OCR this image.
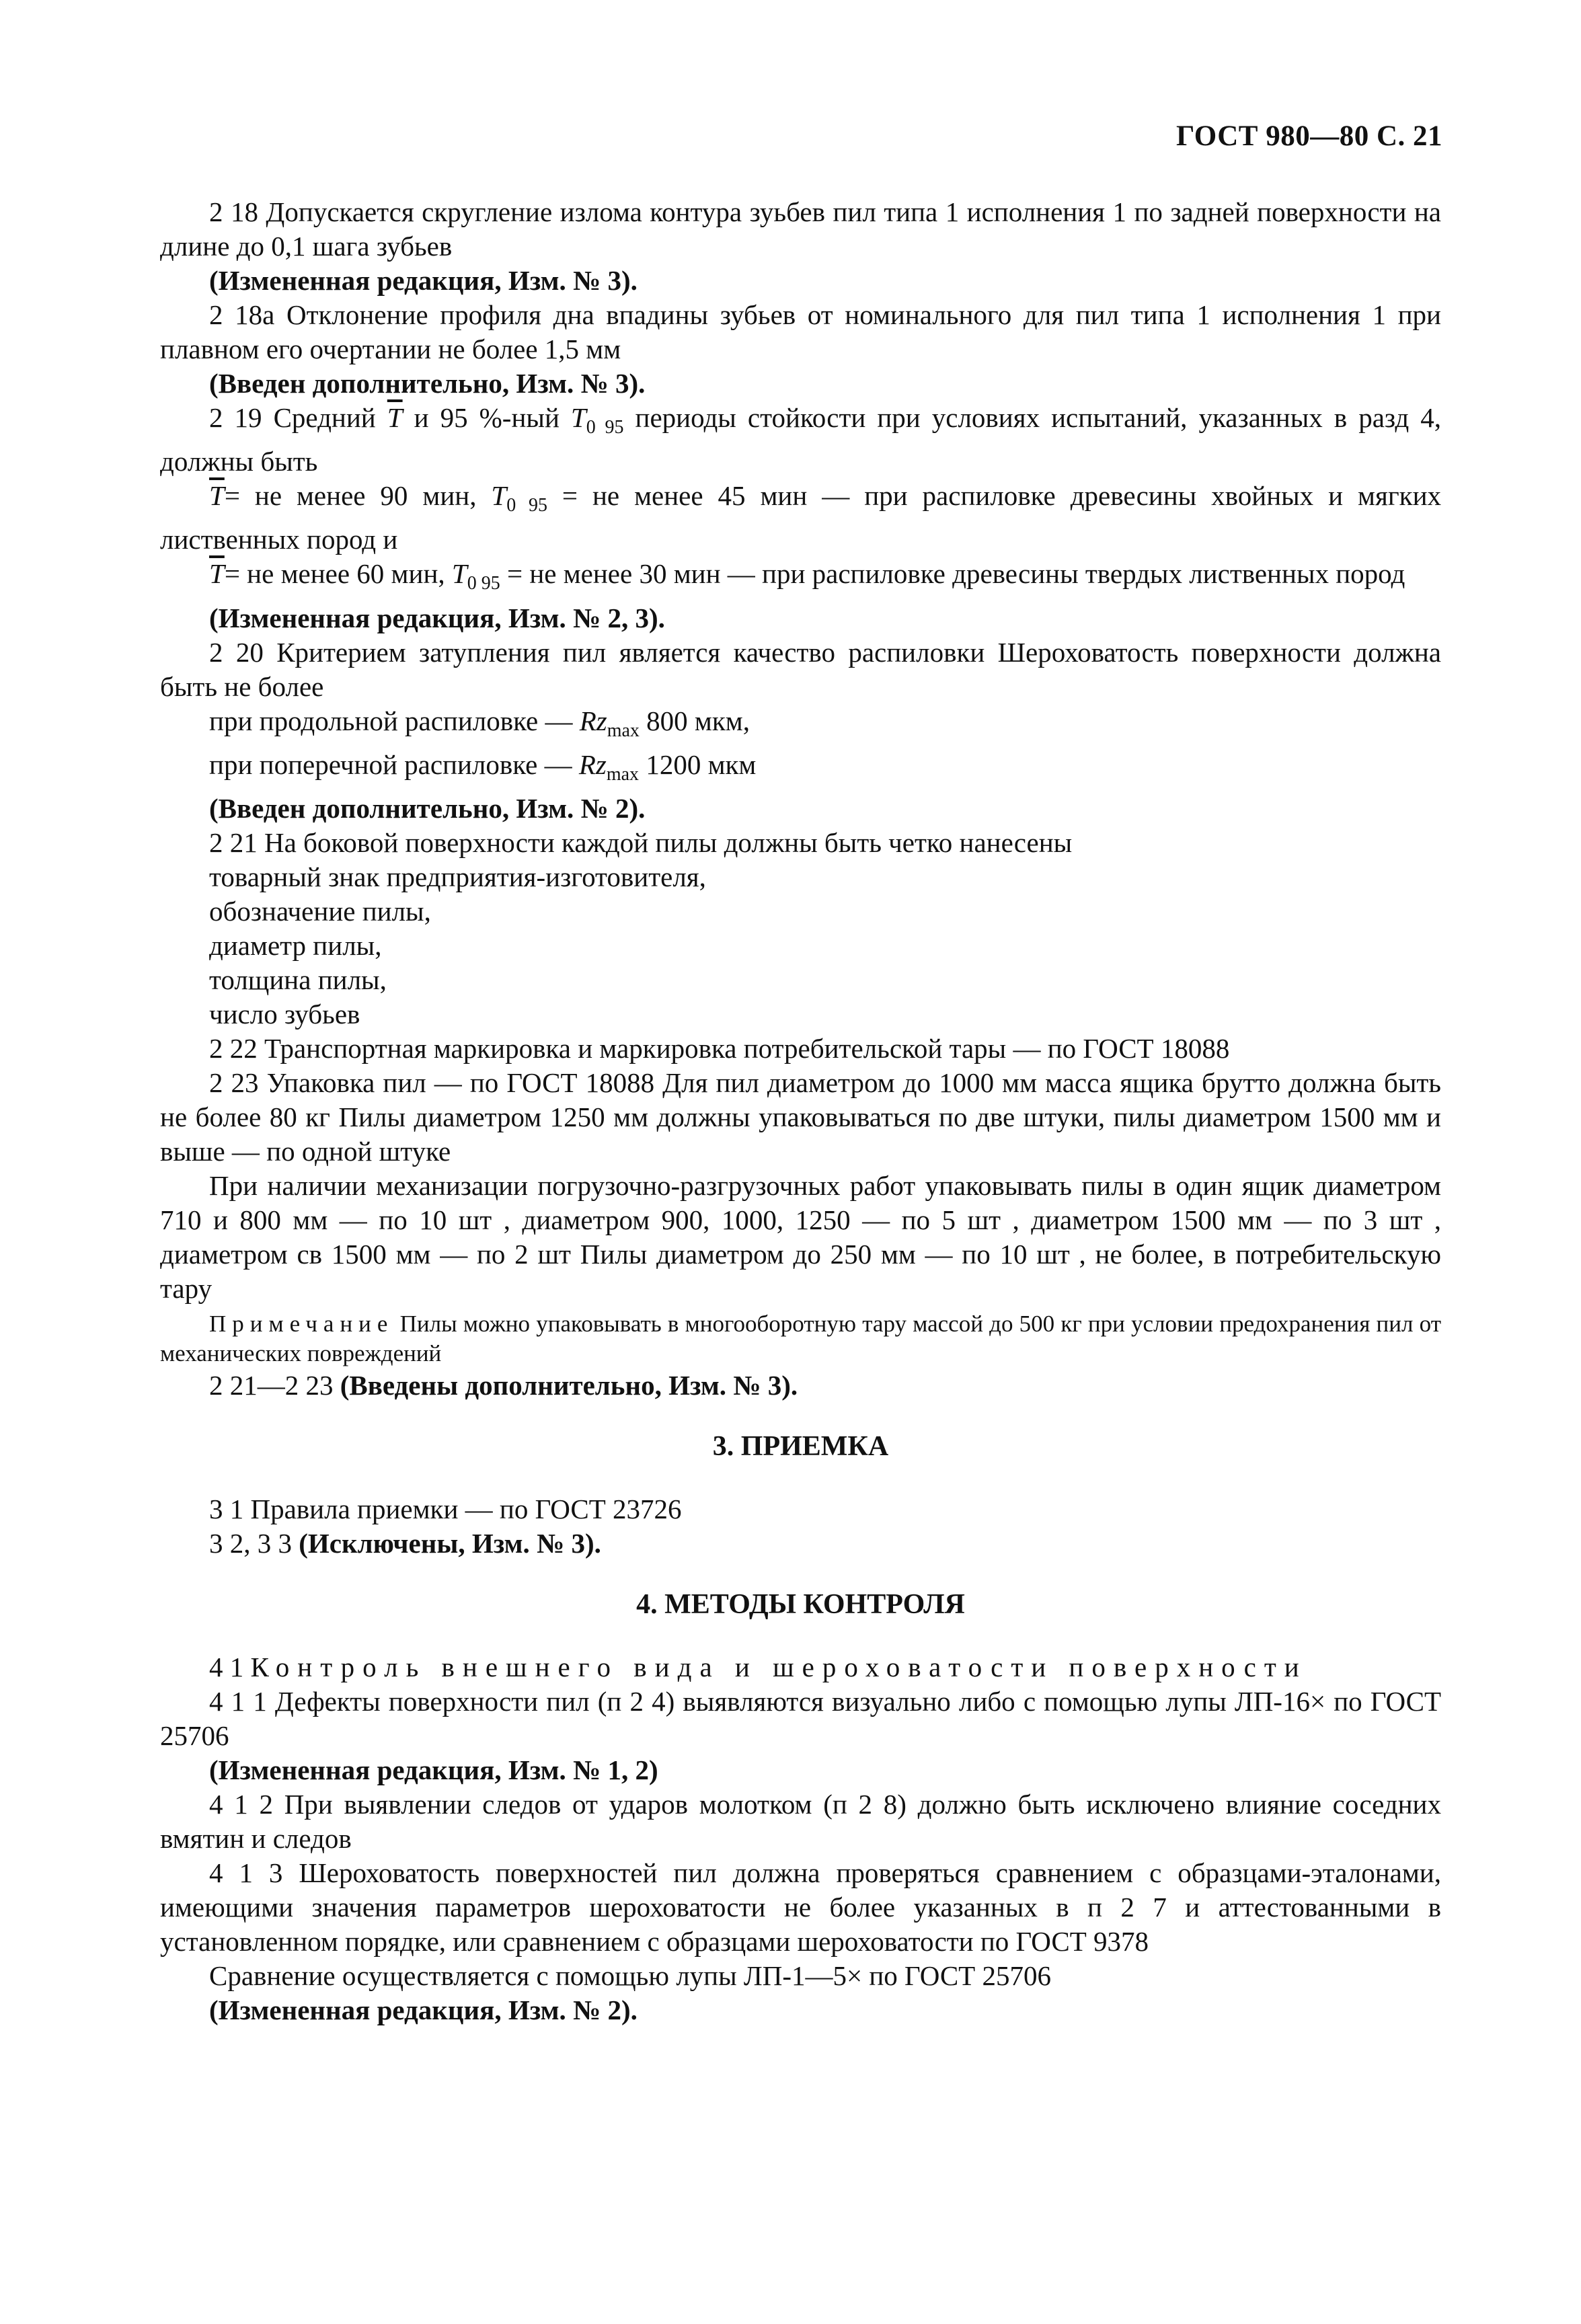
ГОСТ 980—80 С. 21

2 18 Допускается скругление излома контура зуьбев пил типа 1 исполнения 1 по задней поверхности на длине до 0,1 шага зубьев

(Измененная редакция, Изм. № 3).

2 18а Отклонение профиля дна впадины зубьев от номинального для пил типа 1 исполнения 1 при плавном его очертании не более 1,5 мм

(Введен дополнительно, Изм. № 3).

2 19 Средний $\overline{T}$ и 95 %-ный $T_{0 95}$ периоды стойкости при условиях испытаний, указанных в разд 4, должны быть

$\overline{T}=$ не менее 90 мин, $T_{0 95}$ = не менее 45 мин — при распиловке древесины хвойных и мягких лиственных пород и

$\overline{T}=$ не менее 60 мин, $T_{0 95}$ = не менее 30 мин — при распиловке древесины твердых лиственных пород

(Измененная редакция, Изм. № 2, 3).

2 20 Критерием затупления пил является качество распиловки Шероховатость поверхности должна быть не более

при продольной распиловке — $Rz_{max}$ 800 мкм,

при поперечной распиловке — $Rz_{max}$ 1200 мкм

(Введен дополнительно, Изм. № 2).

2 21 На боковой поверхности каждой пилы должны быть четко нанесены

товарный знак предприятия-изготовителя,

обозначение пилы,

диаметр пилы,

толщина пилы,

число зубьев

2 22 Транспортная маркировка и маркировка потребительской тары — по ГОСТ 18088

2 23 Упаковка пил — по ГОСТ 18088 Для пил диаметром до 1000 мм масса ящика брутто должна быть не более 80 кг Пилы диаметром 1250 мм должны упаковываться по две штуки, пилы диаметром 1500 мм и выше — по одной штуке

При наличии механизации погрузочно-разгрузочных работ упаковывать пилы в один ящик диаметром 710 и 800 мм — по 10 шт , диаметром 900, 1000, 1250 — по 5 шт , диаметром 1500 мм — по 3 шт , диаметром св 1500 мм — по 2 шт Пилы диаметром до 250 мм — по 10 шт , не более, в потребительскую тару

Примечание Пилы можно упаковывать в многооборотную тару массой до 500 кг при условии предохранения пил от механических повреждений

2 21—2 23 (Введены дополнительно, Изм. № 3).

3. ПРИЕМКА

3 1 Правила приемки — по ГОСТ 23726

3 2, 3 3 (Исключены, Изм. № 3).

4. МЕТОДЫ КОНТРОЛЯ

4 1 Контроль внешнего вида и шероховатости поверхности

4 1 1 Дефекты поверхности пил (п 2 4) выявляются визуально либо с помощью лупы ЛП-16× по ГОСТ 25706

(Измененная редакция, Изм. № 1, 2)

4 1 2 При выявлении следов от ударов молотком (п 2 8) должно быть исключено влияние соседних вмятин и следов

4 1 3 Шероховатость поверхностей пил должна проверяться сравнением с образцами-эталонами, имеющими значения параметров шероховатости не более указанных в п 2 7 и аттестованными в установленном порядке, или сравнением с образцами шероховатости по ГОСТ 9378

Сравнение осуществляется с помощью лупы ЛП-1—5× по ГОСТ 25706

(Измененная редакция, Изм. № 2).
